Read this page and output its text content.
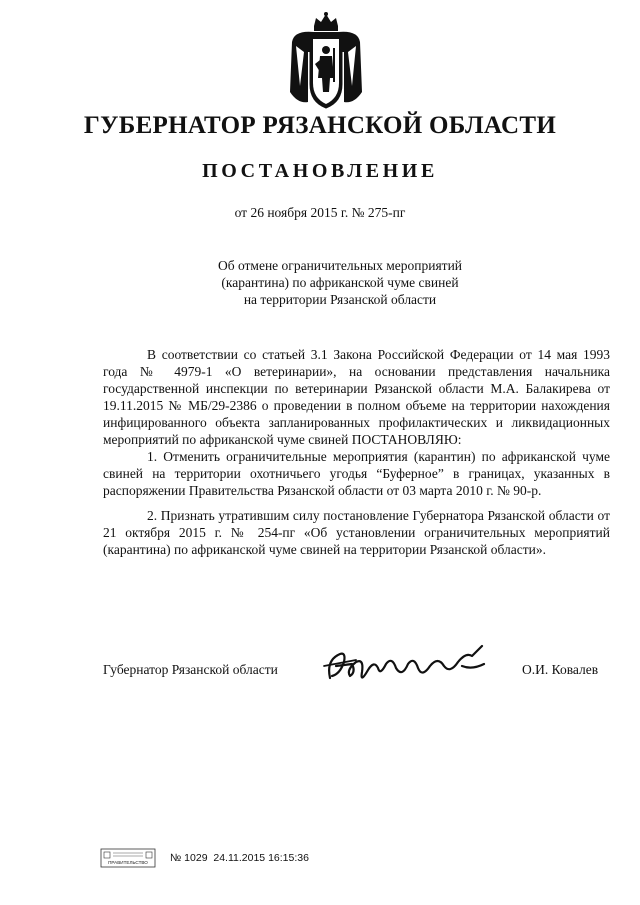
ГУБЕРНАТОР РЯЗАНСКОЙ ОБЛАСТИ
ПОСТАНОВЛЕНИЕ
от 26 ноября 2015 г. № 275-пг
Об отмене ограничительных мероприятий
(карантина) по африканской чуме свиней
на территории Рязанской области

В соответствии со статьей 3.1 Закона Российской Федерации от 14 мая 1993 года № 4979-1 «О ветеринарии», на основании представления начальника государственной инспекции по ветеринарии Рязанской области М.А. Балакирева от 19.11.2015 № МБ/29-2386 о проведении в полном объеме на территории нахождения инфицированного объекта запланированных профилактических и ликвидационных мероприятий по африканской чуме свиней ПОСТАНОВЛЯЮ:

1. Отменить ограничительные мероприятия (карантин) по африканской чуме свиней на территории охотничьего угодья “Буферное” в границах, указанных в распоряжении Правительства Рязанской области от 03 марта 2010 г. № 90-р.

2. Признать утратившим силу постановление Губернатора Рязанской области от 21 октября 2015 г. № 254-пг «Об установлении ограничительных мероприятий (карантина) по африканской чуме свиней на территории Рязанской области».

Губернатор Рязанской области	О.И. Ковалев
ПРАВИТЕЛЬСТВО № 1029  24.11.2015 16:15:36
